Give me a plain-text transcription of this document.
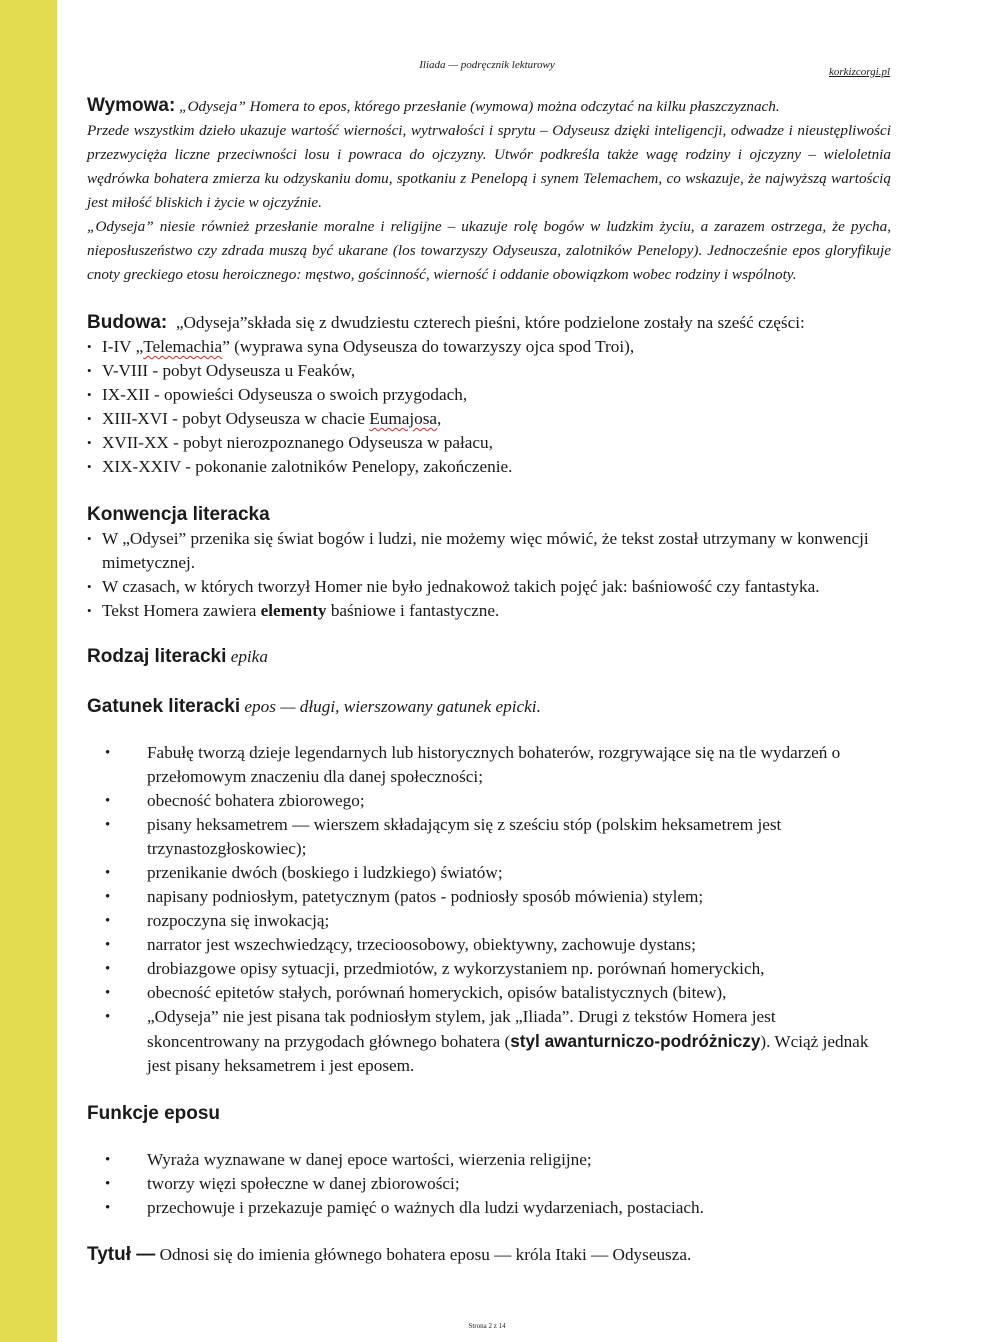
Iliada — podręcznik lekturowy
korkizcorgi.pl

Wymowa: „Odyseja” Homera to epos, którego przesłanie (wymowa) można odczytać na kilku płaszczyznach.

Przede wszystkim dzieło ukazuje wartość wierności, wytrwałości i sprytu – Odyseusz dzięki inteligencji, odwadze i nieustępliwości przezwycięża liczne przeciwności losu i powraca do ojczyzny. Utwór podkreśla także wagę rodziny i ojczyzny – wieloletnia wędrówka bohatera zmierza ku odzyskaniu domu, spotkaniu z Penelopą i synem Telemachem, co wskazuje, że najwyższą wartością jest miłość bliskich i życie w ojczyźnie.

„Odyseja” niesie również przesłanie moralne i religijne – ukazuje rolę bogów w ludzkim życiu, a zarazem ostrzega, że pycha, nieposłuszeństwo czy zdrada muszą być ukarane (los towarzyszy Odyseusza, zalotników Penelopy). Jednocześnie epos gloryfikuje cnoty greckiego etosu heroicznego: męstwo, gościnność, wierność i oddanie obowiązkom wobec rodziny i wspólnoty.

Budowa: „Odyseja”składa się z dwudziestu czterech pieśni, które podzielone zostały na sześć części:

• I-IV „Telemachia” (wyprawa syna Odyseusza do towarzyszy ojca spod Troi),
• V-VIII - pobyt Odyseusza u Feaków,
• IX-XII - opowieści Odyseusza o swoich przygodach,
• XIII-XVI - pobyt Odyseusza w chacie Eumajosa,
• XVII-XX - pobyt nierozpoznanego Odyseusza w pałacu,
• XIX-XXIV - pokonanie zalotników Penelopy, zakończenie.

Konwencja literacka

• W „Odysei” przenika się świat bogów i ludzi, nie możemy więc mówić, że tekst został utrzymany w konwencji mimetycznej.
• W czasach, w których tworzył Homer nie było jednakowoż takich pojęć jak: baśniowość czy fantastyka.
• Tekst Homera zawiera elementy baśniowe i fantastyczne.

Rodzaj literacki epika

Gatunek literacki epos — długi, wierszowany gatunek epicki.

• Fabułę tworzą dzieje legendarnych lub historycznych bohaterów, rozgrywające się na tle wydarzeń o przełomowym znaczeniu dla danej społeczności;
• obecność bohatera zbiorowego;
• pisany heksametrem — wierszem składającym się z sześciu stóp (polskim heksametrem jest trzynastozgłoskowiec);
• przenikanie dwóch (boskiego i ludzkiego) światów;
• napisany podniosłym, patetycznym (patos - podniosły sposób mówienia) stylem;
• rozpoczyna się inwokacją;
• narrator jest wszechwiedzący, trzecioosobowy, obiektywny, zachowuje dystans;
• drobiazgowe opisy sytuacji, przedmiotów, z wykorzystaniem np. porównań homeryckich,
• obecność epitetów stałych, porównań homeryckich, opisów batalistycznych (bitew),
• „Odyseja” nie jest pisana tak podniosłym stylem, jak „Iliada”. Drugi z tekstów Homera jest skoncentrowany na przygodach głównego bohatera (styl awanturniczo-podróżniczy). Wciąż jednak jest pisany heksametrem i jest eposem.

Funkcje eposu

• Wyraża wyznawane w danej epoce wartości, wierzenia religijne;
• tworzy więzi społeczne w danej zbiorowości;
• przechowuje i przekazuje pamięć o ważnych dla ludzi wydarzeniach, postaciach.

Tytuł — Odnosi się do imienia głównego bohatera eposu — króla Itaki — Odyseusza.

Strona 2 z 14
